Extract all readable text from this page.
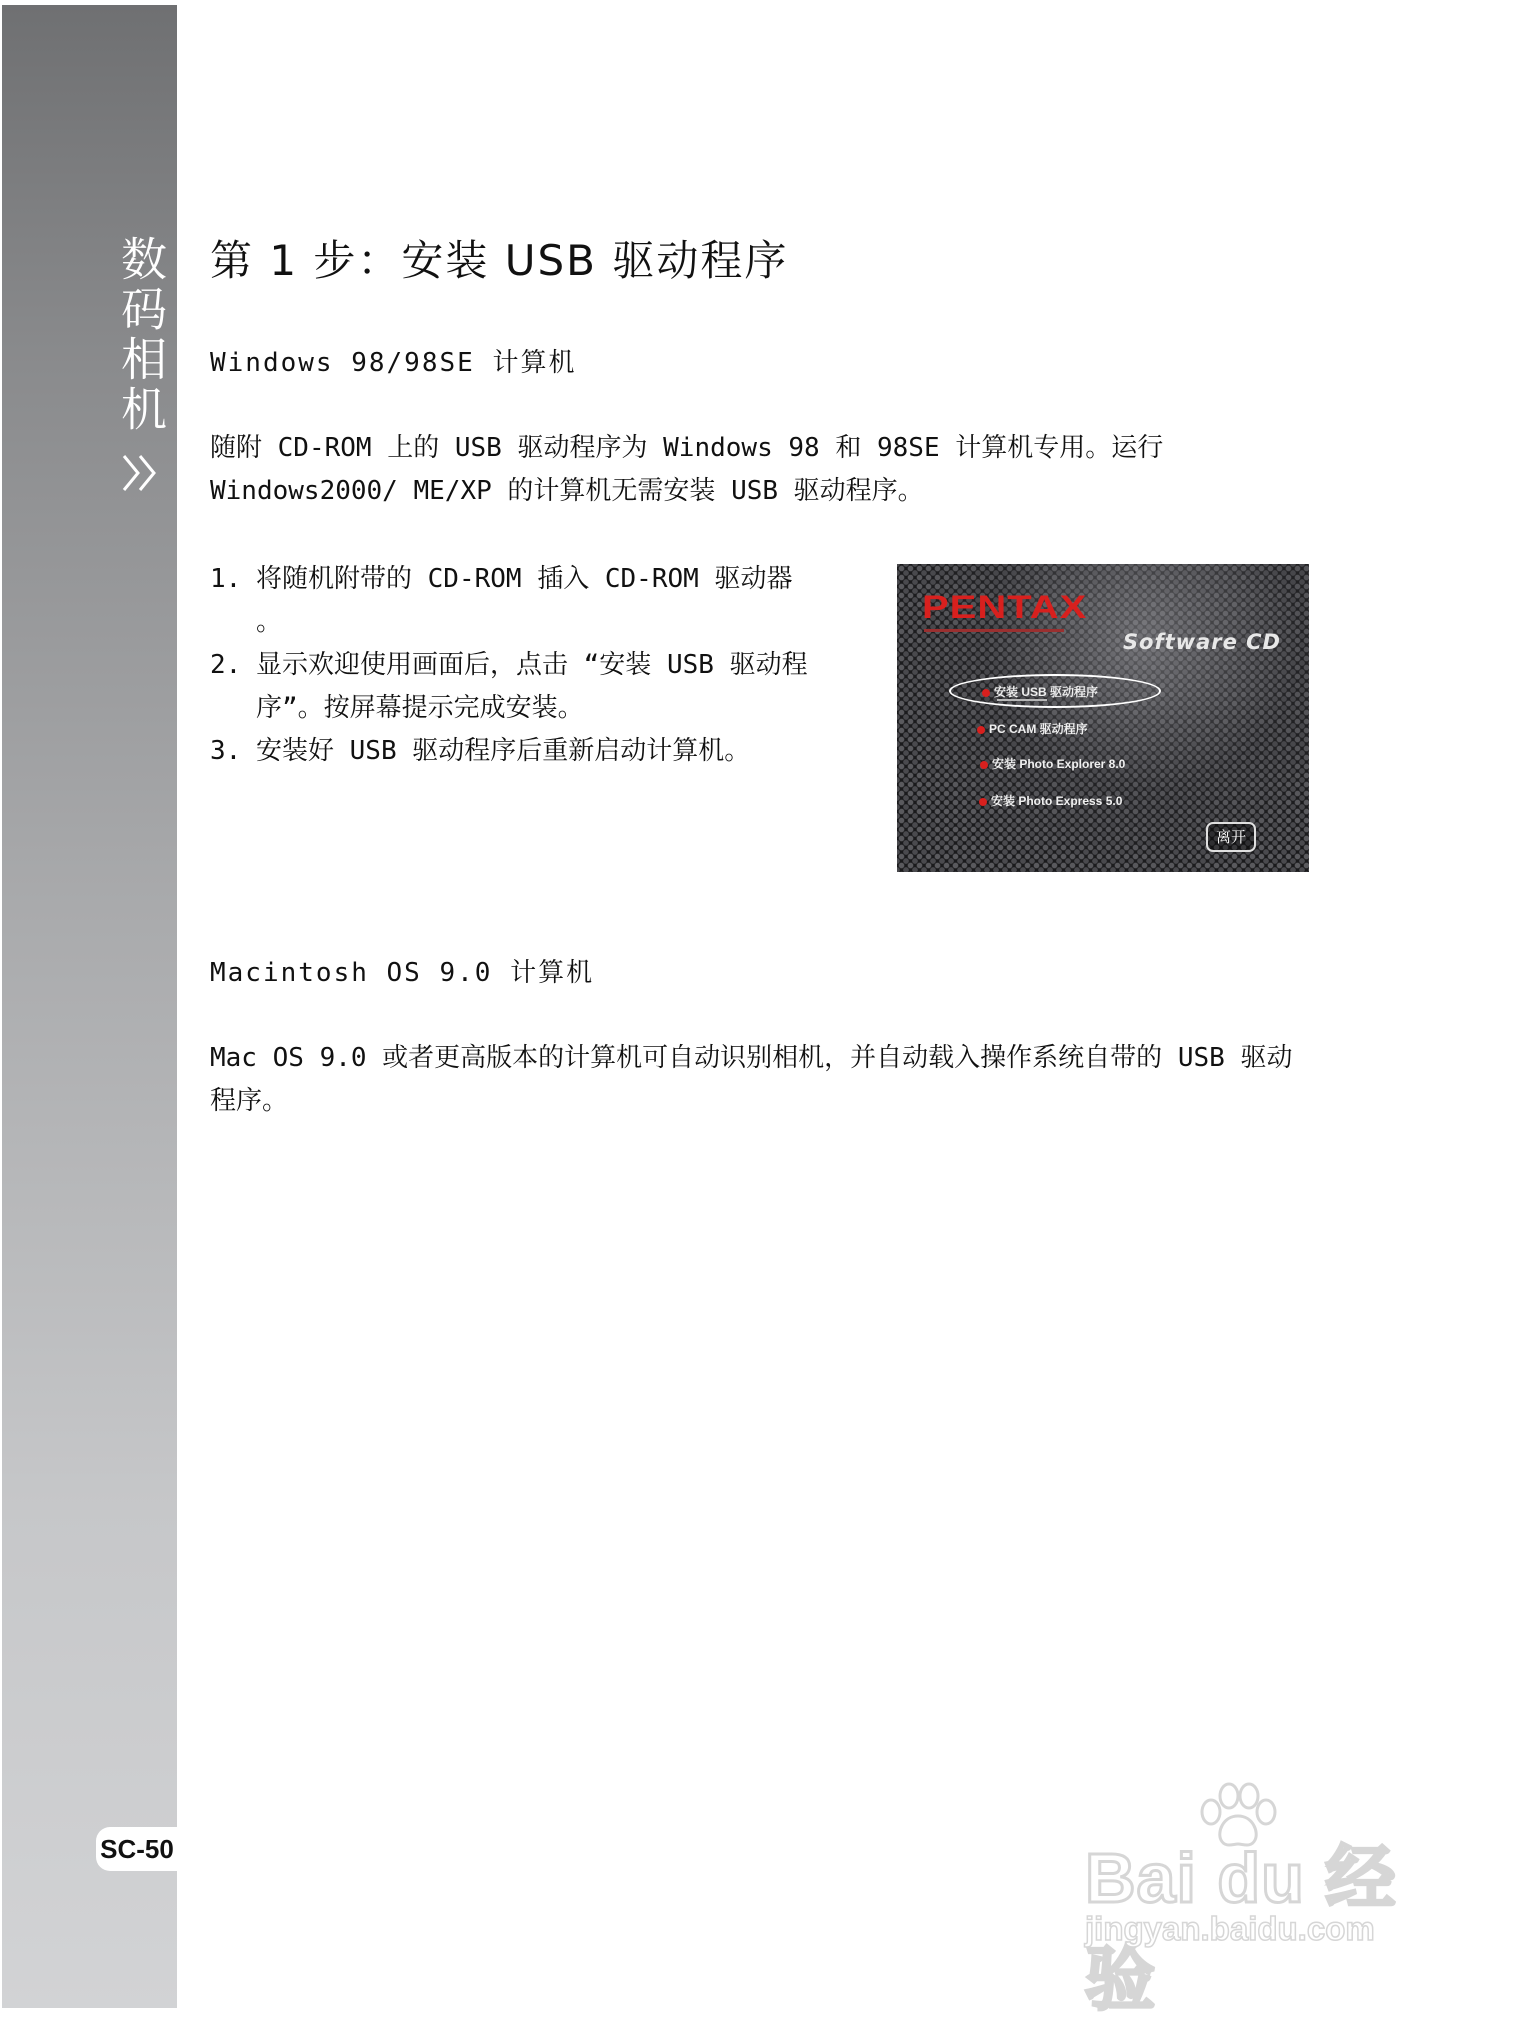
数码相机
SC-50
第 1 步：安装 USB 驱动程序

Windows 98/98SE 计算机

随附 CD-ROM 上的 USB 驱动程序为 Windows 98 和 98SE 计算机专用。运行 Windows2000/ ME/XP 的计算机无需安装 USB 驱动程序。

1. 将随机附带的 CD-ROM 插入 CD-ROM 驱动器 。
2. 显示欢迎使用画面后，点击 “安装 USB 驱动程序”。按屏幕提示完成安装。
3. 安装好 USB 驱动程序后重新启动计算机。
PENTAX
Software CD
安装 USB 驱动程序
PC CAM 驱动程序
安装 Photo Explorer 8.0
安装 Photo Express 5.0
离开

Macintosh OS 9.0 计算机

Mac OS 9.0 或者更高版本的计算机可自动识别相机，并自动载入操作系统自带的 USB 驱动程序。

Bai du 经验
jingyan.baidu.com
